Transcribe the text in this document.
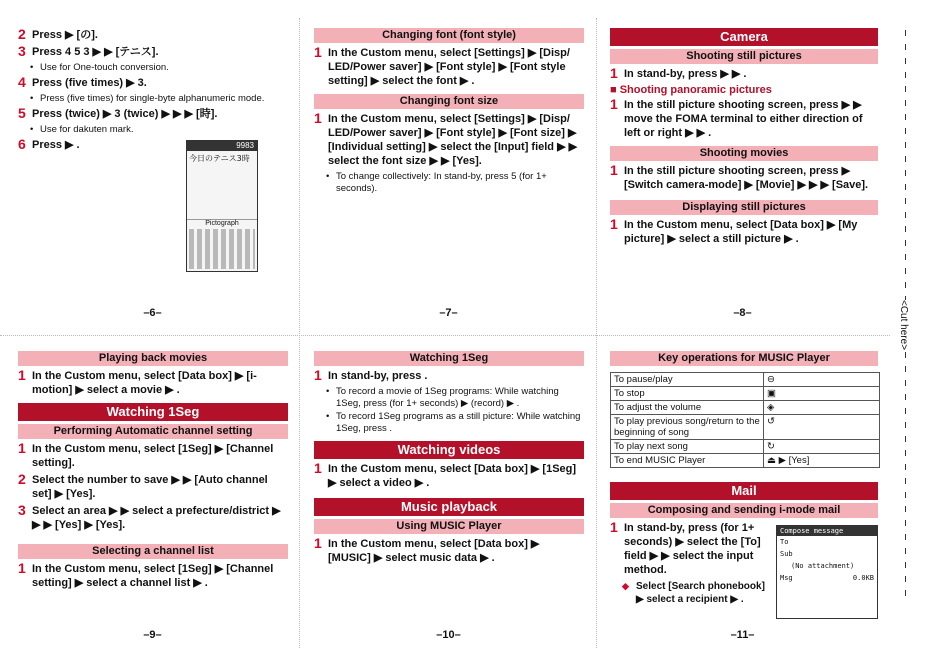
2 Press ▶ [の].
3 Press 4 5 3 ▶ ▶ [テニス].
• Use for One-touch conversion.
4 Press (five times) ▶ 3.
• Press (five times) for single-byte alphanumeric mode.
5 Press (twice) ▶ 3 (twice) ▶ ▶ ▶ [時].
• Use for dakuten mark.
6 Press ▶ .	9983
今日のテニス3時
Pictograph
–6–
Changing font (font style)
1 In the Custom menu, select [Settings] ▶ [Disp/ LED/Power saver] ▶ [Font style] ▶ [Font style setting] ▶ select the font ▶ .
Changing font size
1 In the Custom menu, select [Settings] ▶ [Disp/ LED/Power saver] ▶ [Font style] ▶ [Font size] ▶ [Individual setting] ▶ select the [Input] field ▶ ▶ select the font size ▶ ▶ [Yes].
• To change collectively: In stand-by, press 5 (for 1+ seconds).
–7–
Camera
Shooting still pictures
1 In stand-by, press ▶ ▶ .
■ Shooting panoramic pictures
1 In the still picture shooting screen, press ▶ ▶ move the FOMA terminal to either direction of left or right ▶ ▶ .
Shooting movies
1 In the still picture shooting screen, press ▶ [Switch camera-mode] ▶ [Movie] ▶ ▶ ▶ [Save].
Displaying still pictures
1 In the Custom menu, select [Data box] ▶ [My picture] ▶ select a still picture ▶ .
–8–
Playing back movies
1 In the Custom menu, select [Data box] ▶ [i-motion] ▶ select a movie ▶ .
Watching 1Seg
Performing Automatic channel setting
1 In the Custom menu, select [1Seg] ▶ [Channel setting].
2 Select the number to save ▶ ▶ [Auto channel set] ▶ [Yes].
3 Select an area ▶ ▶ select a prefecture/district ▶ ▶ ▶ [Yes] ▶ [Yes].
Selecting a channel list
1 In the Custom menu, select [1Seg] ▶ [Channel setting] ▶ select a channel list ▶ .
–9–
Watching 1Seg
1 In stand-by, press .
• To record a movie of 1Seg programs: While watching 1Seg, press (for 1+ seconds) ▶ (record) ▶ .
• To record 1Seg programs as a still picture: While watching 1Seg, press .
Watching videos
1 In the Custom menu, select [Data box] ▶ [1Seg] ▶ select a video ▶ .
Music playback
Using MUSIC Player
1 In the Custom menu, select [Data box] ▶ [MUSIC] ▶ select music data ▶ .
–10–
Key operations for MUSIC Player
To pause/play	⊖
To stop	▣
To adjust the volume	◈
To play previous song/return to the beginning of song	↺
To play next song	↻
To end MUSIC Player	⏏ ▶ [Yes]
Mail
Composing and sending i-mode mail
1 In stand-by, press (for 1+ seconds) ▶ select the [To] field ▶ ▶ select the input method.
◆ Select [Search phonebook] ▶ select a recipient ▶ .
Compose message
To
Sub
(No attachment)
Msg	0.0KB
–11–
<Cut here>
